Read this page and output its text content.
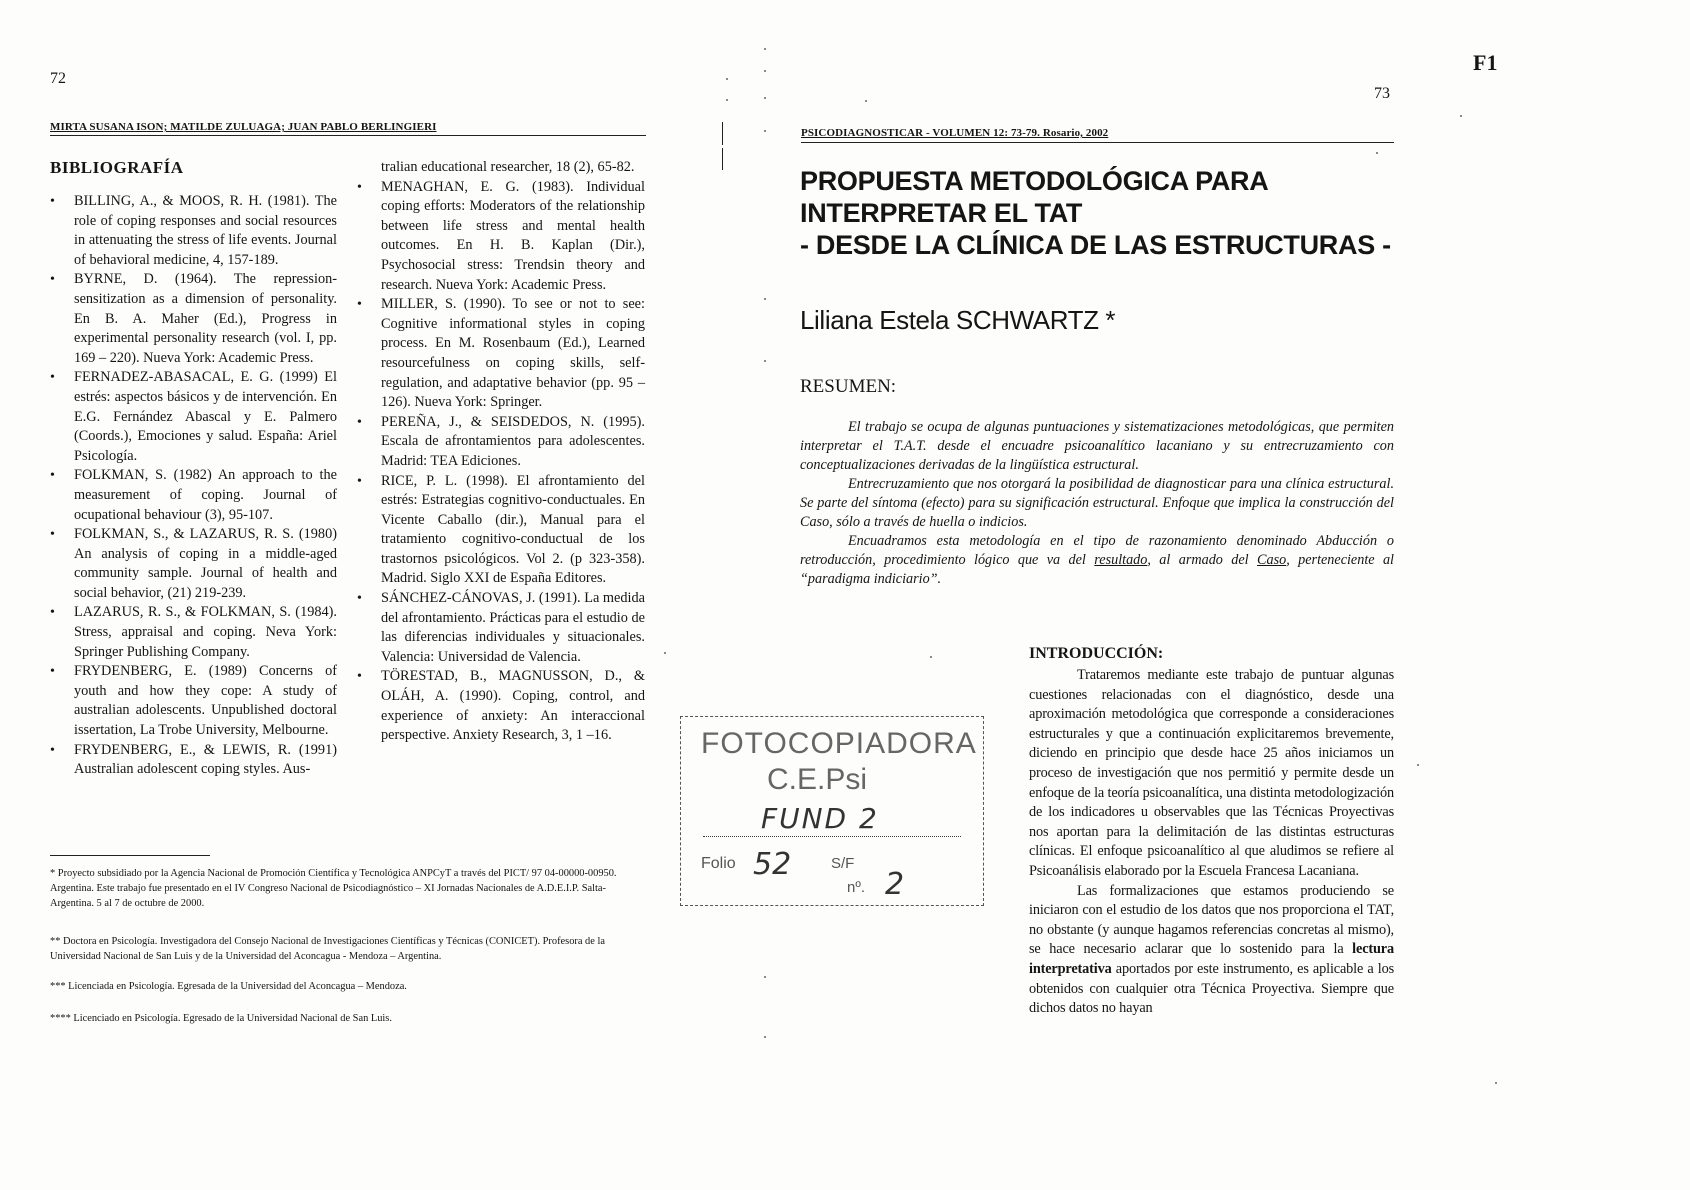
72
MIRTA SUSANA ISON; MATILDE ZULUAGA; JUAN PABLO BERLINGIERI
BIBLIOGRAFÍA
• BILLING, A., & MOOS, R. H. (1981). The role of coping responses and social resources in attenuating the stress of life events. Journal of behavioral medicine, 4, 157-189.
• BYRNE, D. (1964). The repression-sensitization as a dimension of personality. En B. A. Maher (Ed.), Progress in experimental personality research (vol. I, pp. 169 – 220). Nueva York: Academic Press.
• FERNADEZ-ABASACAL, E. G. (1999) El estrés: aspectos básicos y de intervención. En E.G. Fernández Abascal y E. Palmero (Coords.), Emociones y salud. España: Ariel Psicología.
• FOLKMAN, S. (1982) An approach to the measurement of coping. Journal of ocupational behaviour (3), 95-107.
• FOLKMAN, S., & LAZARUS, R. S. (1980) An analysis of coping in a middle-aged community sample. Journal of health and social behavior, (21) 219-239.
• LAZARUS, R. S., & FOLKMAN, S. (1984). Stress, appraisal and coping. Neva York: Springer Publishing Company.
• FRYDENBERG, E. (1989) Concerns of youth and how they cope: A study of australian adolescents. Unpublished doctoral issertation, La Trobe University, Melbourne.
• FRYDENBERG, E., & LEWIS, R. (1991) Australian adolescent coping styles. Aus-
tralian educational researcher, 18 (2), 65-82.
• MENAGHAN, E. G. (1983). Individual coping efforts: Moderators of the relationship between life stress and mental health outcomes. En H. B. Kaplan (Dir.), Psychosocial stress: Trendsin theory and research. Nueva York: Academic Press.
• MILLER, S. (1990). To see or not to see: Cognitive informational styles in coping process. En M. Rosenbaum (Ed.), Learned resourcefulness on coping skills, self-regulation, and adaptative behavior (pp. 95 – 126). Nueva York: Springer.
• PEREÑA, J., & SEISDEDOS, N. (1995). Escala de afrontamientos para adolescentes. Madrid: TEA Ediciones.
• RICE, P. L. (1998). El afrontamiento del estrés: Estrategias cognitivo-conductuales. En Vicente Caballo (dir.), Manual para el tratamiento cognitivo-conductual de los trastornos psicológicos. Vol 2. (p 323-358). Madrid. Siglo XXI de España Editores.
• SÁNCHEZ-CÁNOVAS, J. (1991). La medida del afrontamiento. Prácticas para el estudio de las diferencias individuales y situacionales. Valencia: Universidad de Valencia.
• TÖRESTAD, B., MAGNUSSON, D., & OLÁH, A. (1990). Coping, control, and experience of anxiety: An interaccional perspective. Anxiety Research, 3, 1 –16.
* Proyecto subsidiado por la Agencia Nacional de Promoción Científica y Tecnológica ANPCyT a través del PICT/ 97 04-00000-00950. Argentina. Este trabajo fue presentado en el IV Congreso Nacional de Psicodiagnóstico – XI Jornadas Nacionales de A.D.E.I.P. Salta- Argentina. 5 al 7 de octubre de 2000.
** Doctora en Psicología. Investigadora del Consejo Nacional de Investigaciones Científicas y Técnicas (CONICET). Profesora de la Universidad Nacional de San Luis y de la Universidad del Aconcagua - Mendoza – Argentina.
*** Licenciada en Psicología. Egresada de la Universidad del Aconcagua – Mendoza.
**** Licenciado en Psicología. Egresado de la Universidad Nacional de San Luis.
F1
73
PSICODIAGNOSTICAR - VOLUMEN 12: 73-79. Rosario, 2002
PROPUESTA METODOLÓGICA PARA
INTERPRETAR EL TAT
- DESDE LA CLÍNICA DE LAS ESTRUCTURAS -
Liliana Estela SCHWARTZ *
RESUMEN:

El trabajo se ocupa de algunas puntuaciones y sistematizaciones metodológicas, que permiten interpretar el T.A.T. desde el encuadre psicoanalítico lacaniano y su entrecruzamiento con conceptualizaciones derivadas de la lingüística estructural.

Entrecruzamiento que nos otorgará la posibilidad de diagnosticar para una clínica estructural. Se parte del síntoma (efecto) para su significación estructural. Enfoque que implica la construcción del Caso, sólo a través de huella o indicios.

Encuadramos esta metodología en el tipo de razonamiento denominado Abducción o retroducción, procedimiento lógico que va del resultado, al armado del Caso, perteneciente al “paradigma indiciario”.

INTRODUCCIÓN:

Trataremos mediante este trabajo de puntuar algunas cuestiones relacionadas con el diagnóstico, desde una aproximación metodológica que corresponde a consideraciones estructurales y que a continuación explicitaremos brevemente, diciendo en principio que desde hace 25 años iniciamos un proceso de investigación que nos permitió y permite desde un enfoque de la teoría psicoanalítica, una distinta metodologización de los indicadores u observables que las Técnicas Proyectivas nos aportan para la delimitación de las distintas estructuras clínicas. El enfoque psicoanalítico al que aludimos se refiere al Psicoanálisis elaborado por la Escuela Francesa Lacaniana.

Las formalizaciones que estamos produciendo se iniciaron con el estudio de los datos que nos proporciona el TAT, no obstante (y aunque hagamos referencias concretas al mismo), se hace necesario aclarar que lo sostenido para la lectura interpretativa aportados por este instrumento, es aplicable a los obtenidos con cualquier otra Técnica Proyectiva. Siempre que dichos datos no hayan

FOTOCOPIADORA
C.E.Psi
FUND 2
Folio 52	S/F
nº. 2
